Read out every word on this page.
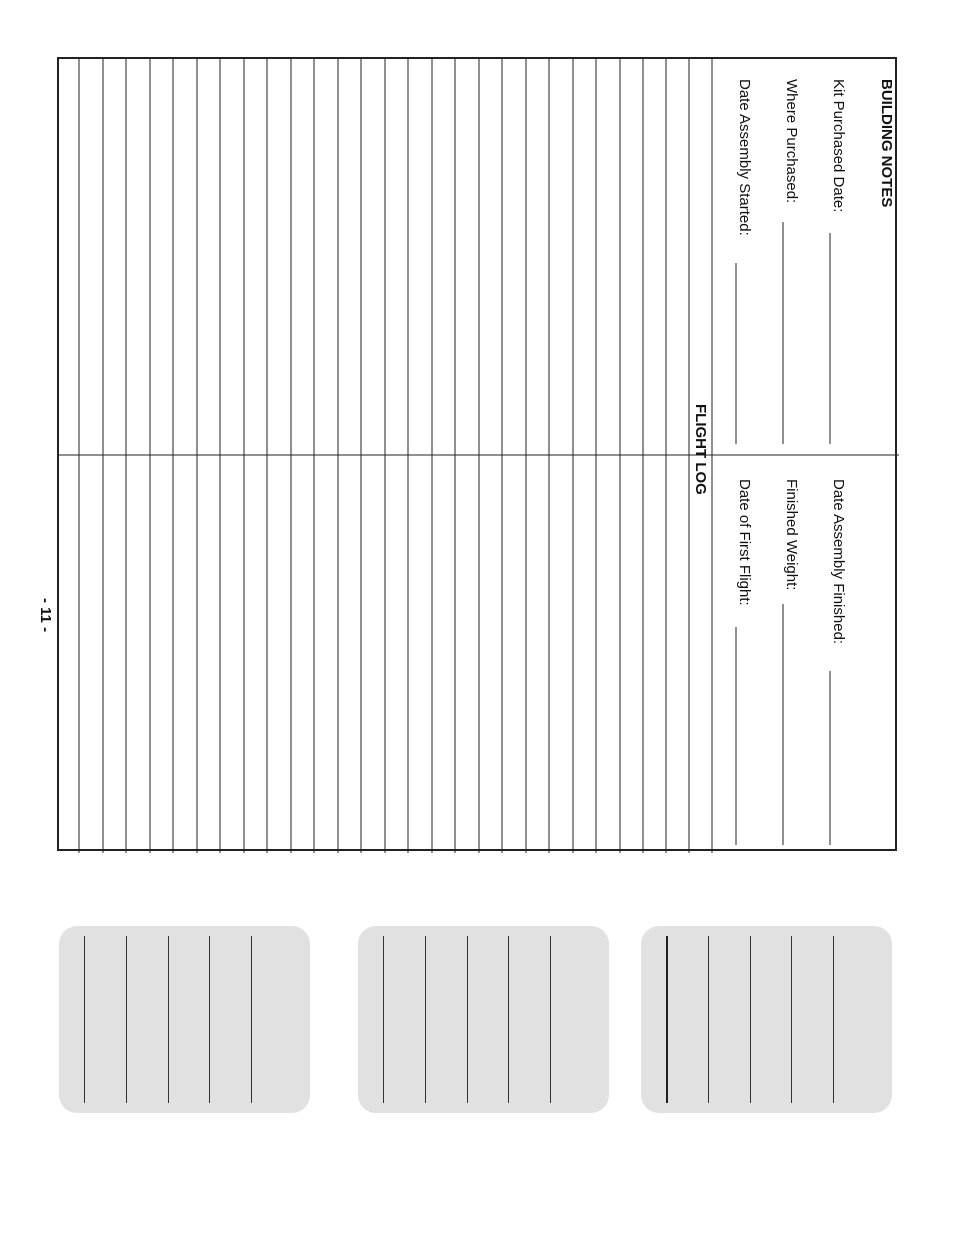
BUILDING NOTES
Kit Purchased Date:
Where Purchased:
Date Assembly Started:
Date Assembly Finished:
Finished Weight:
Date of First Flight:
FLIGHT LOG
- 11 -
